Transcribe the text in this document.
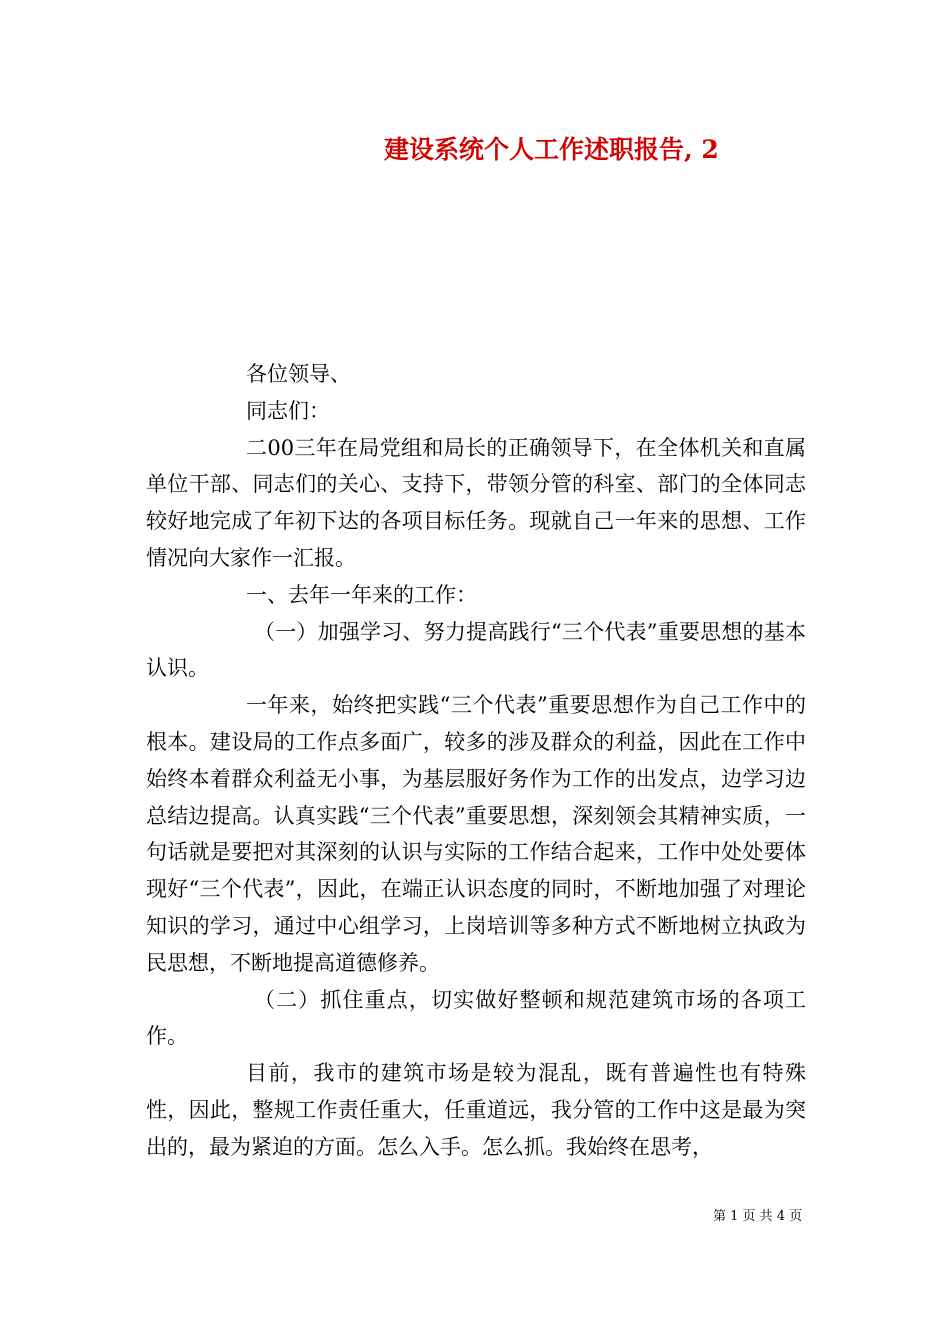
建设系统个人工作述职报告, 2

各位领导、

同志们：

二00三年在局党组和局长的正确领导下，在全体机关和直属单位干部、同志们的关心、支持下，带领分管的科室、部门的全体同志较好地完成了年初下达的各项目标任务。现就自己一年来的思想、工作情况向大家作一汇报。

一、去年一年来的工作：

（一）加强学习、努力提高践行“三个代表”重要思想的基本认识。

一年来，始终把实践“三个代表”重要思想作为自己工作中的根本。建设局的工作点多面广，较多的涉及群众的利益，因此在工作中始终本着群众利益无小事，为基层服好务作为工作的出发点，边学习边总结边提高。认真实践“三个代表”重要思想，深刻领会其精神实质，一句话就是要把对其深刻的认识与实际的工作结合起来，工作中处处要体现好“三个代表”，因此，在端正认识态度的同时，不断地加强了对理论知识的学习，通过中心组学习，上岗培训等多种方式不断地树立执政为民思想，不断地提高道德修养。

（二）抓住重点，切实做好整顿和规范建筑市场的各项工作。

目前，我市的建筑市场是较为混乱，既有普遍性也有特殊性，因此，整规工作责任重大，任重道远，我分管的工作中这是最为突出的，最为紧迫的方面。怎么入手。怎么抓。我始终在思考，

第 1 页 共 4 页
